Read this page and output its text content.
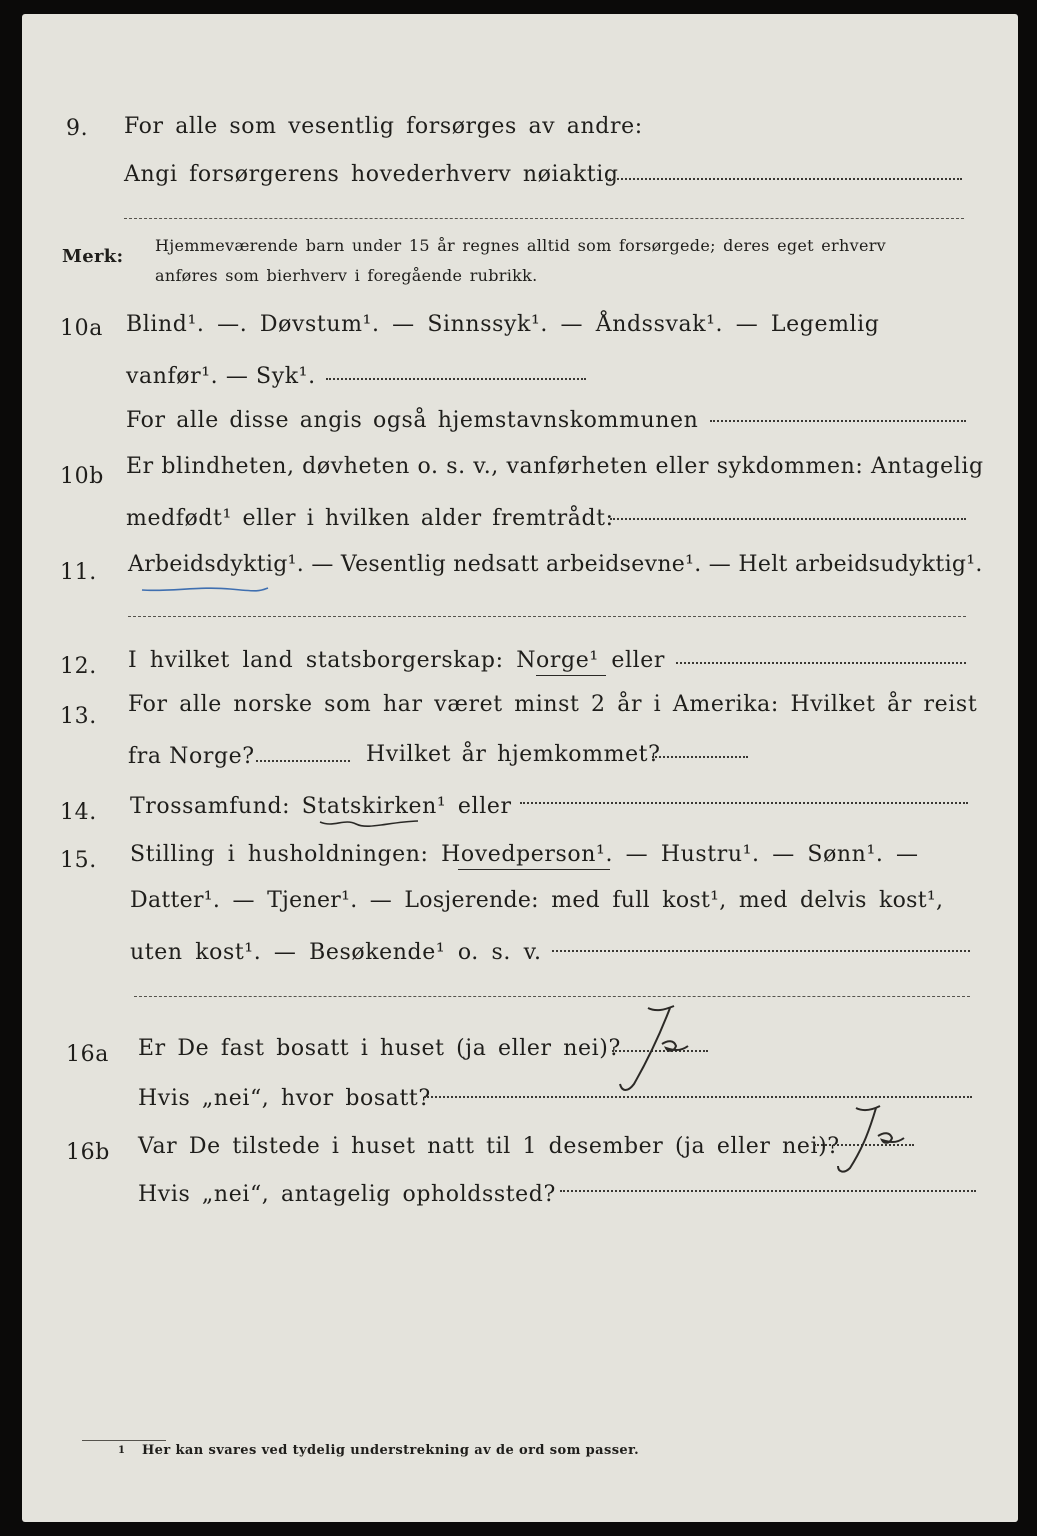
9. For alle som vesentlig forsørges av andre:
Angi forsørgerens hovederhverv nøiaktig
Merk:
Hjemmeværende barn under 15 år regnes alltid som forsørgede; deres eget erhverv
anføres som bierhverv i foregående rubrikk.
10a Blind¹. —. Døvstum¹. — Sinnssyk¹. — Åndssvak¹. — Legemlig
vanfør¹. — Syk¹.
For alle disse angis også hjemstavnskommunen
10b Er blindheten, døvheten o. s. v., vanførheten eller sykdommen: Antagelig
medfødt¹ eller i hvilken alder fremtrådt:
11. Arbeidsdyktig¹. — Vesentlig nedsatt arbeidsevne¹. — Helt arbeidsudyktig¹.
12. I hvilket land statsborgerskap: Norge¹ eller
13. For alle norske som har været minst 2 år i Amerika: Hvilket år reist
fra Norge?	Hvilket år hjemkommet?
14. Trossamfund: Statskirken¹ eller
15. Stilling i husholdningen: Hovedperson¹. — Hustru¹. — Sønn¹. —
Datter¹. — Tjener¹. — Losjerende: med full kost¹, med delvis kost¹,
uten kost¹. — Besøkende¹ o. s. v.
16a Er De fast bosatt i huset (ja eller nei)?
Hvis „nei“, hvor bosatt?
16b Var De tilstede i huset natt til 1 desember (ja eller nei)?
Hvis „nei“, antagelig opholdssted?
1 Her kan svares ved tydelig understrekning av de ord som passer.
